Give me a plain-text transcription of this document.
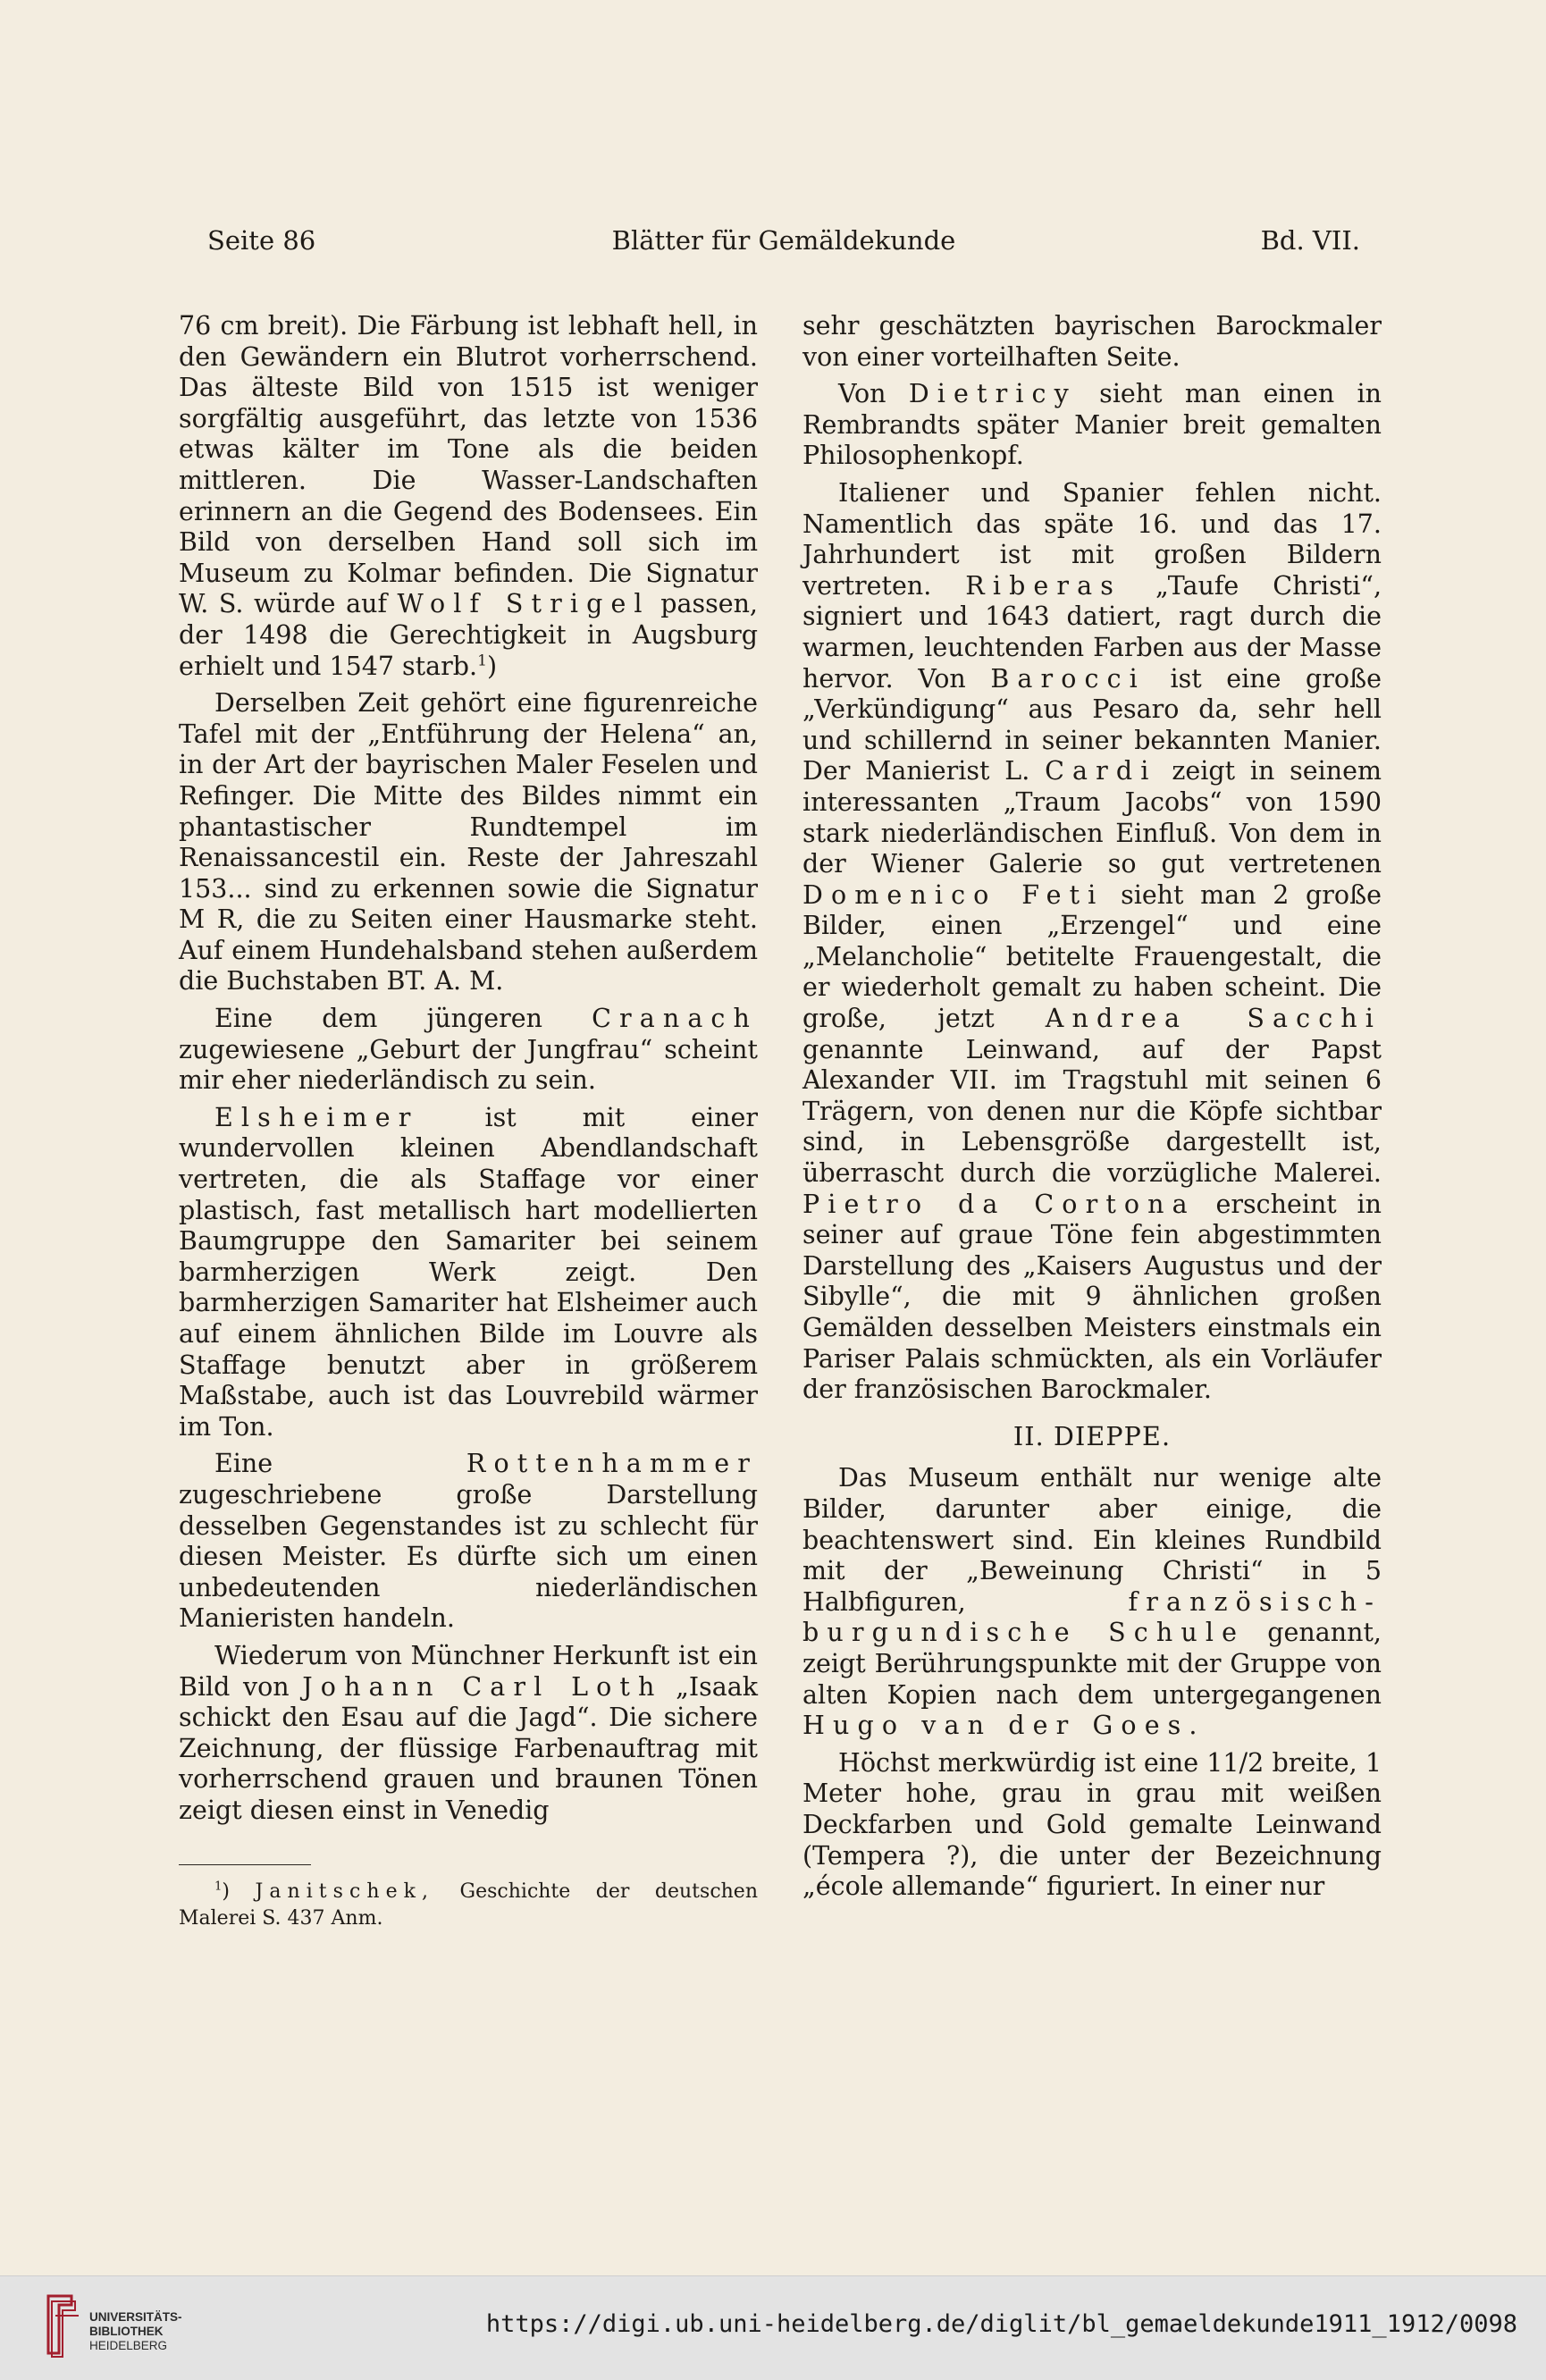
Seite 86	Blätter für Gemäldekunde	Bd. VII.

76 cm breit). Die Färbung ist lebhaft hell, in den Gewändern ein Blutrot vorherrschend. Das älteste Bild von 1515 ist weniger sorgfältig ausgeführt, das letzte von 1536 etwas kälter im Tone als die beiden mittleren. Die Wasser-Landschaften erinnern an die Gegend des Bodensees. Ein Bild von derselben Hand soll sich im Museum zu Kolmar befinden. Die Signatur W. S. würde auf Wolf Strigel passen, der 1498 die Gerechtigkeit in Augsburg erhielt und 1547 starb.$^1$)

Derselben Zeit gehört eine figurenreiche Tafel mit der „Entführung der Helena“ an, in der Art der bayrischen Maler Feselen und Refinger. Die Mitte des Bildes nimmt ein phantastischer Rundtempel im Renaissancestil ein. Reste der Jahreszahl 153... sind zu erkennen sowie die Signatur M R, die zu Seiten einer Hausmarke steht. Auf einem Hundehalsband stehen außerdem die Buchstaben BT. A. M.

Eine dem jüngeren Cranach zugewiesene „Geburt der Jungfrau“ scheint mir eher niederländisch zu sein.

Elsheimer ist mit einer wundervollen kleinen Abendlandschaft vertreten, die als Staffage vor einer plastisch, fast metallisch hart modellierten Baumgruppe den Samariter bei seinem barmherzigen Werk zeigt. Den barmherzigen Samariter hat Elsheimer auch auf einem ähnlichen Bilde im Louvre als Staffage benutzt aber in größerem Maßstabe, auch ist das Louvrebild wärmer im Ton.

Eine Rottenhammer zugeschriebene große Darstellung desselben Gegenstandes ist zu schlecht für diesen Meister. Es dürfte sich um einen unbedeutenden niederländischen Manieristen handeln.

Wiederum von Münchner Herkunft ist ein Bild von Johann Carl Loth „Isaak schickt den Esau auf die Jagd“. Die sichere Zeichnung, der flüssige Farbenauftrag mit vorherrschend grauen und braunen Tönen zeigt diesen einst in Venedig

$^1$) Janitschek, Geschichte der deutschen Malerei S. 437 Anm.

sehr geschätzten bayrischen Barockmaler von einer vorteilhaften Seite.

Von Dietricy sieht man einen in Rembrandts später Manier breit gemalten Philosophenkopf.

Italiener und Spanier fehlen nicht. Namentlich das späte 16. und das 17. Jahrhundert ist mit großen Bildern vertreten. Riberas „Taufe Christi“, signiert und 1643 datiert, ragt durch die warmen, leuchtenden Farben aus der Masse hervor. Von Barocci ist eine große „Verkündigung“ aus Pesaro da, sehr hell und schillernd in seiner bekannten Manier. Der Manierist L. Cardi zeigt in seinem interessanten „Traum Jacobs“ von 1590 stark niederländischen Einfluß. Von dem in der Wiener Galerie so gut vertretenen Domenico Feti sieht man 2 große Bilder, einen „Erzengel“ und eine „Melancholie“ betitelte Frauengestalt, die er wiederholt gemalt zu haben scheint. Die große, jetzt Andrea Sacchi genannte Leinwand, auf der Papst Alexander VII. im Tragstuhl mit seinen 6 Trägern, von denen nur die Köpfe sichtbar sind, in Lebensgröße dargestellt ist, überrascht durch die vorzügliche Malerei. Pietro da Cortona erscheint in seiner auf graue Töne fein abgestimmten Darstellung des „Kaisers Augustus und der Sibylle“, die mit 9 ähnlichen großen Gemälden desselben Meisters einstmals ein Pariser Palais schmückten, als ein Vorläufer der französischen Barockmaler.

II. DIEPPE.

Das Museum enthält nur wenige alte Bilder, darunter aber einige, die beachtenswert sind. Ein kleines Rundbild mit der „Beweinung Christi“ in 5 Halbfiguren, französisch-burgundische Schule genannt, zeigt Berührungspunkte mit der Gruppe von alten Kopien nach dem untergegangenen Hugo van der Goes.

Höchst merkwürdig ist eine 11/2 breite, 1 Meter hohe, grau in grau mit weißen Deckfarben und Gold gemalte Leinwand (Tempera ?), die unter der Bezeichnung „école allemande“ figuriert. In einer nur

UNIVERSITÄTS-
BIBLIOTHEK
HEIDELBERG
https://digi.ub.uni-heidelberg.de/diglit/bl_gemaeldekunde1911_1912/0098
